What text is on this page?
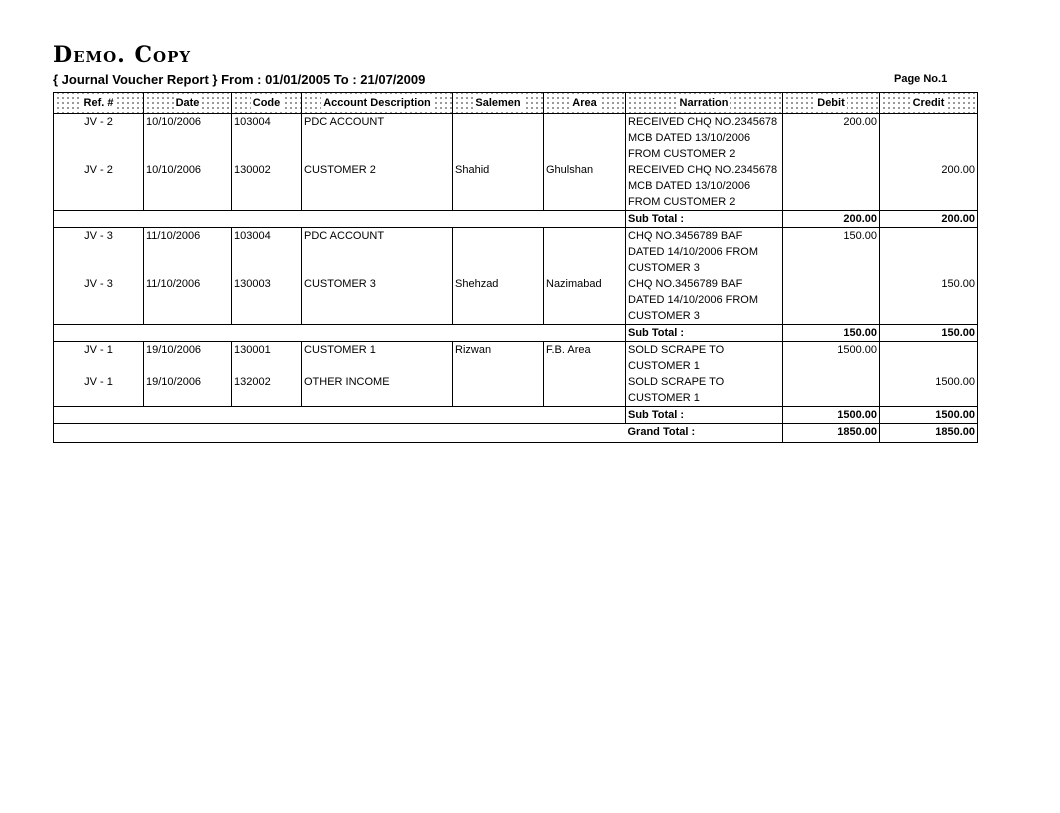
Demo. Copy
{ Journal Voucher Report } From : 01/01/2005 To : 21/07/2009	Page No.1
Ref. #	Date	Code	Account Description	Salemen	Area	Narration	Debit	Credit
JV - 2	10/10/2006	103004	PDC ACCOUNT			RECEIVED CHQ NO.2345678 MCB DATED 13/10/2006 FROM CUSTOMER 2	200.00	
JV - 2	10/10/2006	130002	CUSTOMER 2	Shahid	Ghulshan	RECEIVED CHQ NO.2345678 MCB DATED 13/10/2006 FROM CUSTOMER 2		200.00
						Sub Total :	200.00	200.00
JV - 3	11/10/2006	103004	PDC ACCOUNT			CHQ NO.3456789 BAF DATED 14/10/2006 FROM CUSTOMER 3	150.00	
JV - 3	11/10/2006	130003	CUSTOMER 3	Shehzad	Nazimabad	CHQ NO.3456789 BAF DATED 14/10/2006 FROM CUSTOMER 3		150.00
						Sub Total :	150.00	150.00
JV - 1	19/10/2006	130001	CUSTOMER 1	Rizwan	F.B. Area	SOLD SCRAPE TO CUSTOMER 1	1500.00	
JV - 1	19/10/2006	132002	OTHER INCOME			SOLD SCRAPE TO CUSTOMER 1		1500.00
						Sub Total :	1500.00	1500.00
						Grand Total :	1850.00	1850.00
